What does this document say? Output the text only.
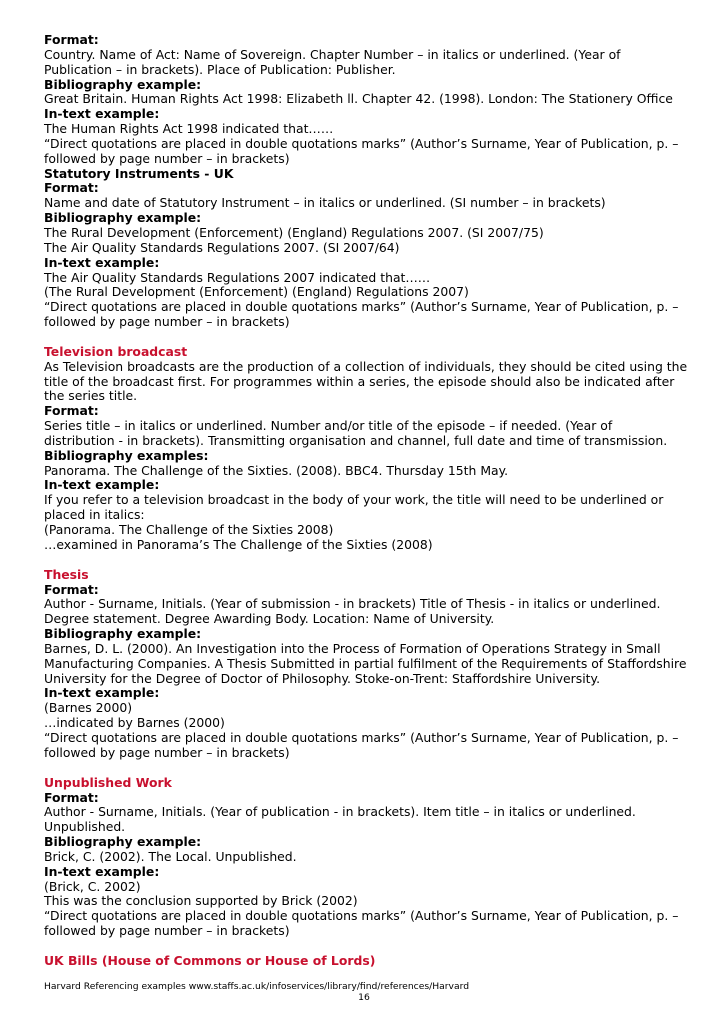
Format:
Country. Name of Act: Name of Sovereign. Chapter Number – in italics or underlined. (Year of
Publication – in brackets). Place of Publication: Publisher.
Bibliography example:
Great Britain. Human Rights Act 1998: Elizabeth ll. Chapter 42. (1998). London: The Stationery Office
In-text example:
The Human Rights Act 1998 indicated that……
“Direct quotations are placed in double quotations marks” (Author’s Surname, Year of Publication, p. –
followed by page number – in brackets)
Statutory Instruments - UK
Format:
Name and date of Statutory Instrument – in italics or underlined. (SI number – in brackets)
Bibliography example:
The Rural Development (Enforcement) (England) Regulations 2007. (SI 2007/75)
The Air Quality Standards Regulations 2007. (SI 2007/64)
In-text example:
The Air Quality Standards Regulations 2007 indicated that……
(The Rural Development (Enforcement) (England) Regulations 2007)
“Direct quotations are placed in double quotations marks” (Author’s Surname, Year of Publication, p. –
followed by page number – in brackets)
Television broadcast
As Television broadcasts are the production of a collection of individuals, they should be cited using the
title of the broadcast first. For programmes within a series, the episode should also be indicated after
the series title.
Format:
Series title – in italics or underlined. Number and/or title of the episode – if needed. (Year of
distribution - in brackets). Transmitting organisation and channel, full date and time of transmission.
Bibliography examples:
Panorama. The Challenge of the Sixties. (2008). BBC4. Thursday 15th May.
In-text example:
If you refer to a television broadcast in the body of your work, the title will need to be underlined or
placed in italics:
(Panorama. The Challenge of the Sixties 2008)
…examined in Panorama’s The Challenge of the Sixties (2008)
Thesis
Format:
Author - Surname, Initials. (Year of submission - in brackets) Title of Thesis - in italics or underlined.
Degree statement. Degree Awarding Body. Location: Name of University.
Bibliography example:
Barnes, D. L. (2000). An Investigation into the Process of Formation of Operations Strategy in Small
Manufacturing Companies. A Thesis Submitted in partial fulfilment of the Requirements of Staffordshire
University for the Degree of Doctor of Philosophy. Stoke-on-Trent: Staffordshire University.
In-text example:
(Barnes 2000)
…indicated by Barnes (2000)
“Direct quotations are placed in double quotations marks” (Author’s Surname, Year of Publication, p. –
followed by page number – in brackets)
Unpublished Work
Format:
Author - Surname, Initials. (Year of publication - in brackets). Item title – in italics or underlined.
Unpublished.
Bibliography example:
Brick, C. (2002). The Local. Unpublished.
In-text example:
(Brick, C. 2002)
This was the conclusion supported by Brick (2002)
“Direct quotations are placed in double quotations marks” (Author’s Surname, Year of Publication, p. –
followed by page number – in brackets)
UK Bills (House of Commons or House of Lords)
Harvard Referencing examples www.staffs.ac.uk/infoservices/library/find/references/Harvard
16
